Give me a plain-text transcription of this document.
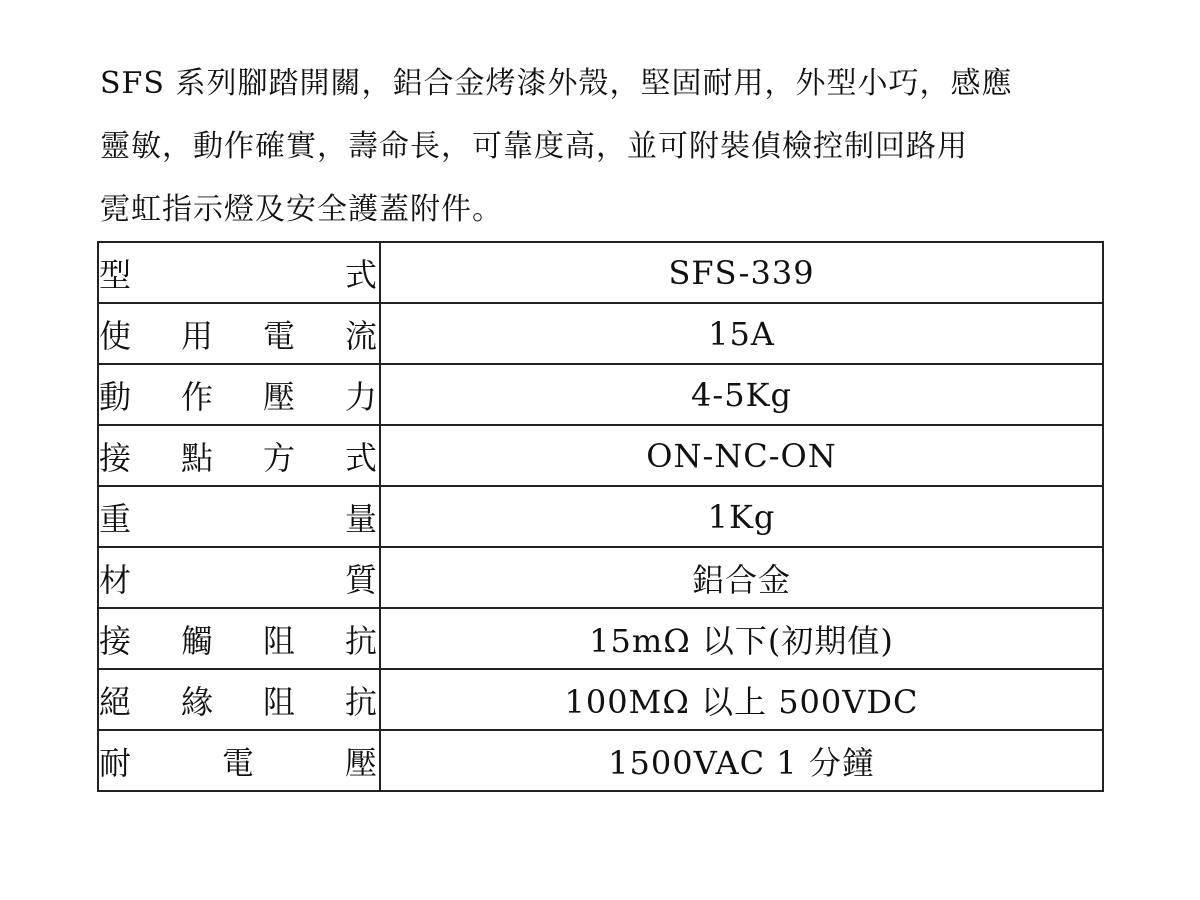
SFS 系列腳踏開關，鋁合金烤漆外殼，堅固耐用，外型小巧，感應
靈敏，動作確實，壽命長，可靠度高，並可附裝偵檢控制回路用
霓虹指示燈及安全護蓋附件。
型 式	SFS-339

使 用 電 流	15A

動 作 壓 力	4-5Kg

接 點 方 式	ON-NC-ON

重 量	1Kg

材 質	鋁合金

接 觸 阻 抗	15mΩ 以下(初期值)

絕 緣 阻 抗	100MΩ 以上 500VDC

耐 電 壓	1500VAC 1 分鐘
